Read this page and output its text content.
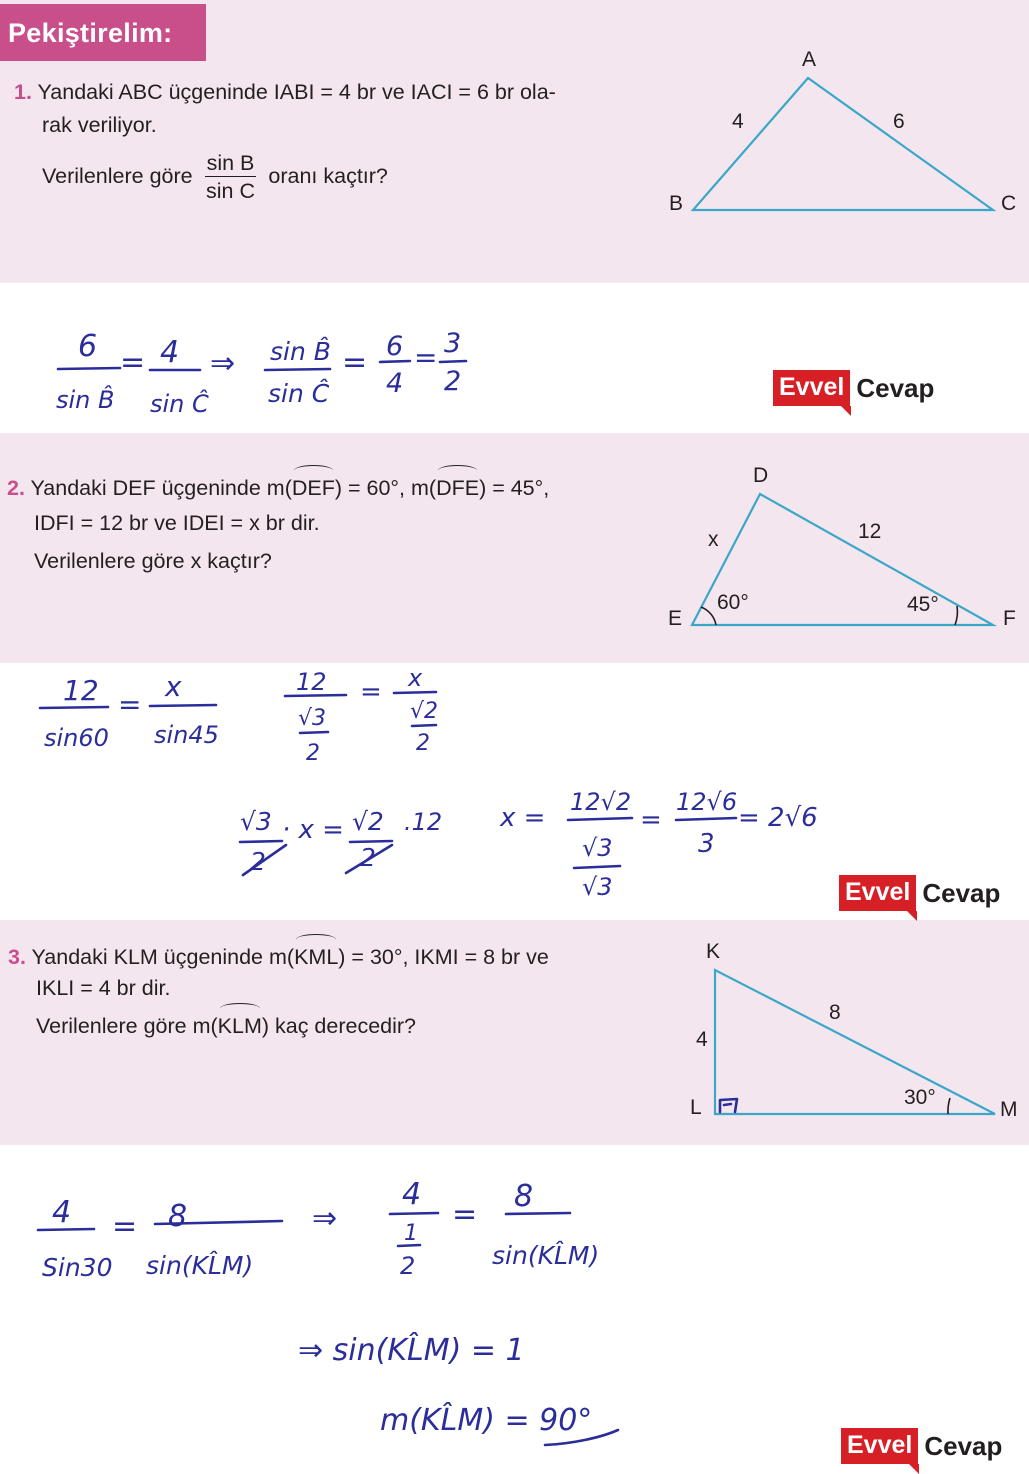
Pekiştirelim:
1. Yandaki ABC üçgeninde IABI = 4 br ve IACI = 6 br ola-
rak veriliyor.
Verilenlere göre $\frac{\text{sin B}}{\text{sin C}}$ oranı kaçtır?
2. Yandaki DEF üçgeninde m(DEF) = 60°, m(DFE) = 45°,
IDFI = 12 br ve IDEI = x br dir.
Verilenlere göre x kaçtır?
3. Yandaki KLM üçgeninde m(KML) = 30°, IKMI = 8 br ve
IKLI = 4 br dir.
Verilenlere göre m(KLM) kaç derecedir?
A
B	C
4	6
D
E	F
x	12
60°	45°
K
L	M
4
8
30°
6
sin B̂
= 4
sin Ĉ
⇒ sin B̂
sin Ĉ
= 6
4
= 3
2
12
sin60
=
x
sin45
12
√3
2
= x
√2
2
√3
2
· x = √2
2
.12 x =
12√2
√3
√3
=
12√6
3
= 2√6
4
Sin30
= 8
sin(KL̂M)
⇒
4
1
2
=
8
sin(KL̂M)
⇒ sin(KL̂M) = 1
m(KL̂M) = 90°
Evvel Cevap
Evvel Cevap
Evvel Cevap
